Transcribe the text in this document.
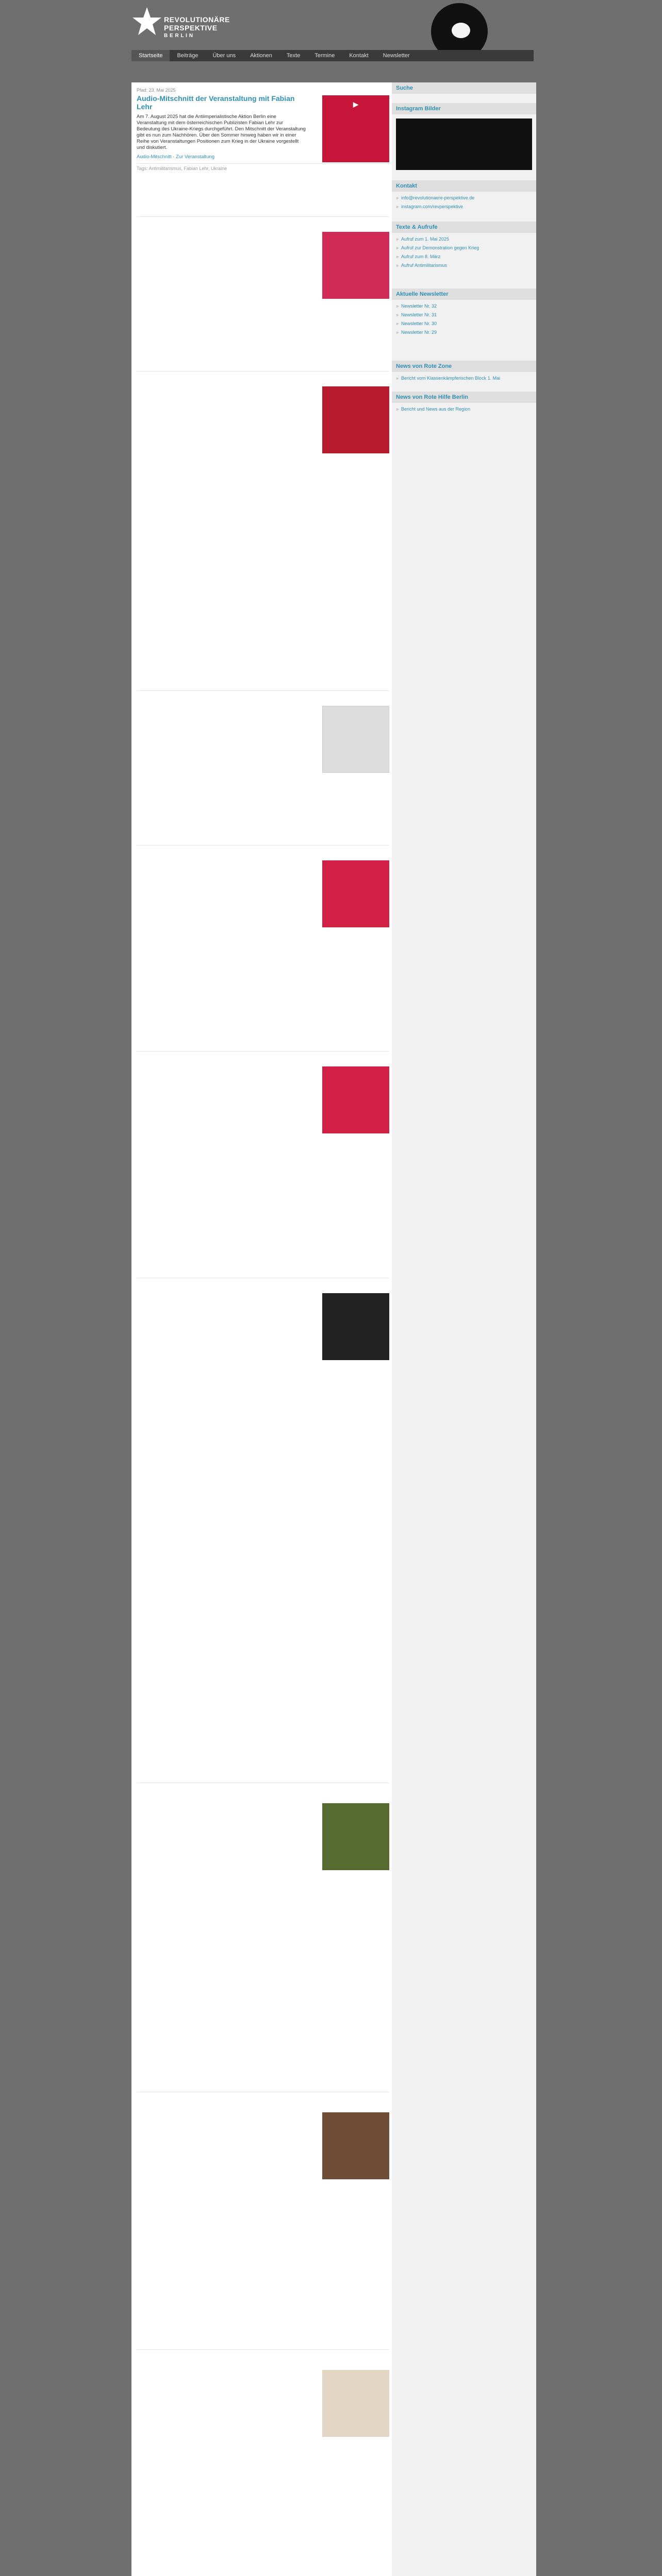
REVOLUTIONÄRE
PERSPEKTIVE
B E R L I N
Startseite	Beiträge	Über uns	Aktionen	Texte	Termine	Kontakt	Newsletter
Pfad: 23. Mai 2025
Audio-Mitschnitt der Veranstaltung mit Fabian Lehr

Am 7. August 2025 hat die Antiimperialistische Aktion Berlin eine Veranstaltung mit dem österreichischen Publizisten Fabian Lehr zur Bedeutung des Ukraine-Kriegs durchgeführt. Den Mitschnitt der Veranstaltung gibt es nun zum Nachhören. Über den Sommer hinweg haben wir in einer Reihe von Veranstaltungen Positionen zum Krieg in der Ukraine vorgestellt und diskutiert.

Audio-Mitschnitt · Zur Veranstaltung

Tags: Antimilitarismus, Fabian Lehr, Ukraine
▶
Suche
Instagram Bilder
Kontakt
» info@revolutionaere-perspektive.de
» instagram.com/revperspektive
Texte & Aufrufe
» Aufruf zum 1. Mai 2025
» Aufruf zur Demonstration gegen Krieg
» Aufruf zum 8. März
» Aufruf Antimilitarismus
Aktuelle Newsletter
» Newsletter Nr. 32
» Newsletter Nr. 31
» Newsletter Nr. 30
» Newsletter Nr. 29
News von Rote Zone
» Bericht vom Klassenkämpferischen Block 1. Mai
News von Rote Hilfe Berlin
» Bericht und News aus der Region
